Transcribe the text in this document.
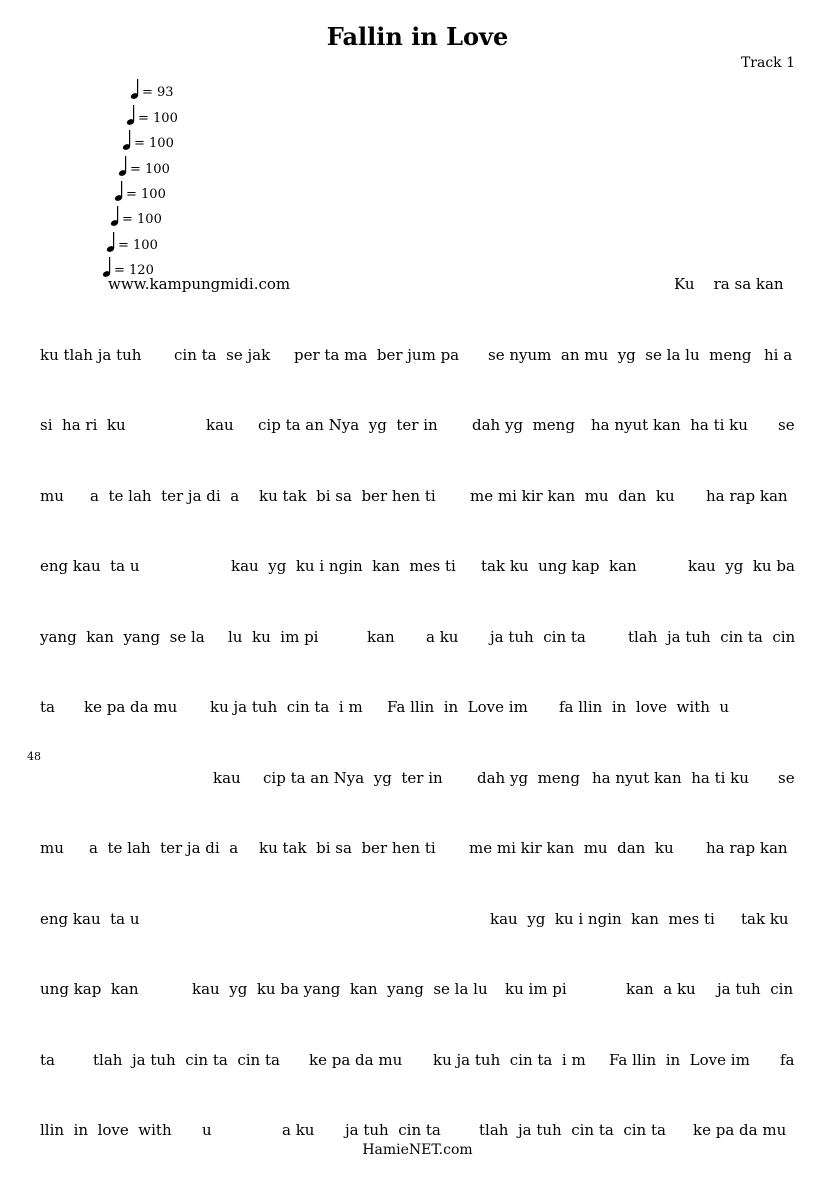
Fallin in Love
Track 1
= 93
= 100
= 100
= 100
= 100
= 100
= 100
= 120
www.kampungmidi.com	Ku    ra sa kan
48
ku tlah ja tuh cin ta  se jak per ta ma  ber jum pa se nyum  an mu  yg  se la lu  meng hi a
si  ha ri  ku	kau cip ta an Nya  yg  ter in dah yg  meng ha nyut kan  ha ti ku se
mu a  te lah  ter ja di  a ku tak  bi sa  ber hen ti me mi kir kan  mu  dan  ku ha rap kan
eng kau  ta u	kau  yg  ku i ngin  kan  mes ti tak ku  ung kap  kan	kau  yg  ku ba
yang  kan  yang  se la lu  ku  im pi	kan a ku ja tuh  cin ta	tlah  ja tuh  cin ta  cin
ta ke pa da mu ku ja tuh  cin ta  i m Fa llin  in  Love im fa llin  in  love  with  u
kau cip ta an Nya  yg  ter in dah yg  meng ha nyut kan  ha ti ku se
mu a  te lah  ter ja di  a ku tak  bi sa  ber hen ti me mi kir kan  mu  dan  ku ha rap kan
eng kau  ta u	kau  yg  ku i ngin  kan  mes ti tak ku
ung kap  kan	kau  yg  ku ba yang  kan  yang  se la lu ku im pi	kan  a ku ja tuh  cin
ta	tlah  ja tuh  cin ta  cin ta ke pa da mu ku ja tuh  cin ta  i m Fa llin  in  Love im fa
llin  in  love  with u	a ku ja tuh  cin ta	tlah  ja tuh  cin ta  cin ta ke pa da mu
HamieNET.com
